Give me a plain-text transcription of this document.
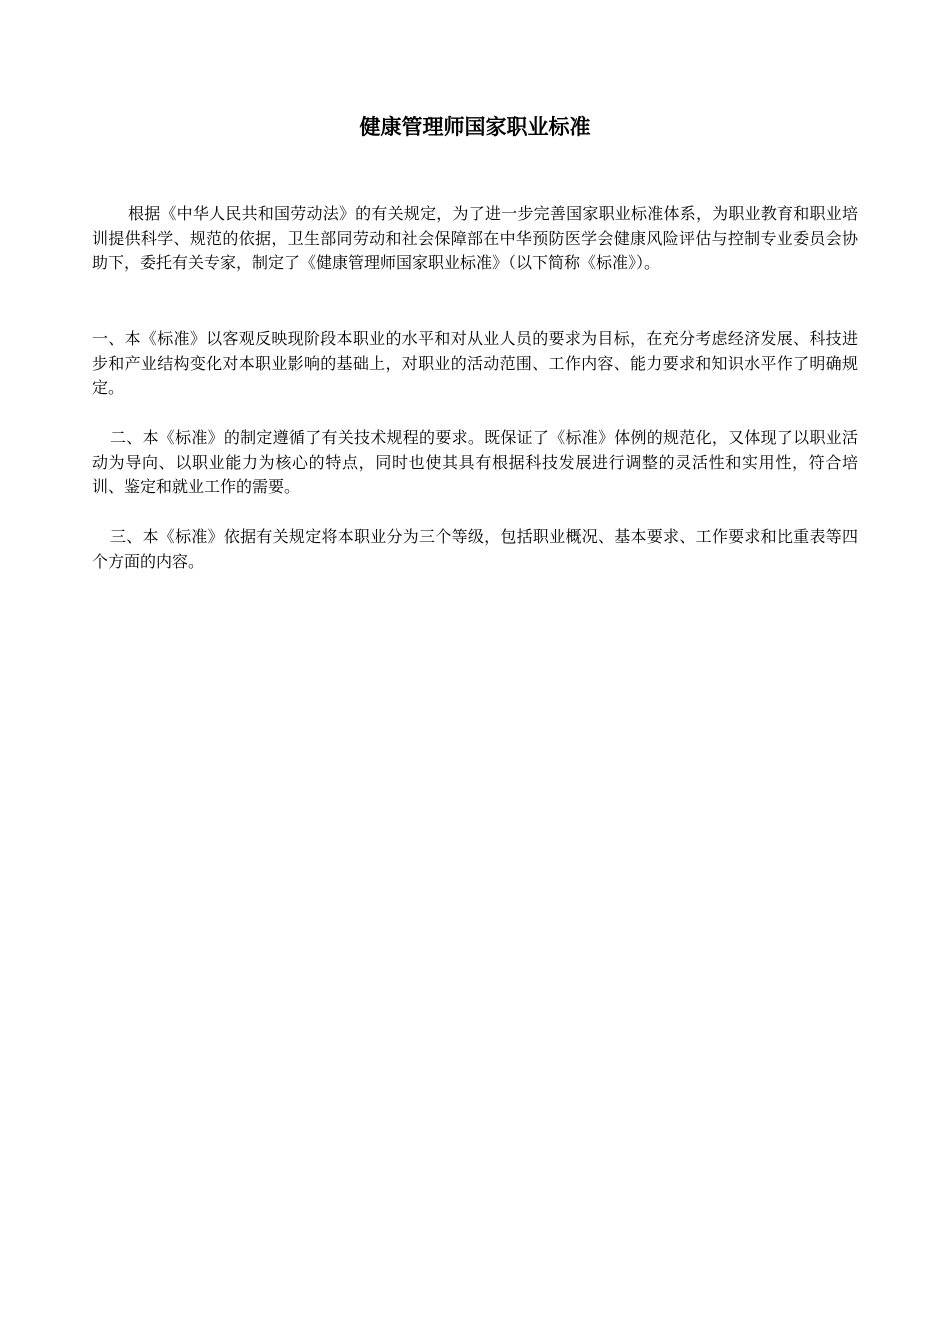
健康管理师国家职业标准

根据《中华人民共和国劳动法》的有关规定，为了进一步完善国家职业标准体系，为职业教育和职业培训提供科学、规范的依据，卫生部同劳动和社会保障部在中华预防医学会健康风险评估与控制专业委员会协助下，委托有关专家，制定了《健康管理师国家职业标准》（以下简称《标准》）。

一、本《标准》以客观反映现阶段本职业的水平和对从业人员的要求为目标，在充分考虑经济发展、科技进步和产业结构变化对本职业影响的基础上，对职业的活动范围、工作内容、能力要求和知识水平作了明确规定。

二、本《标准》的制定遵循了有关技术规程的要求。既保证了《标准》体例的规范化，又体现了以职业活动为导向、以职业能力为核心的特点，同时也使其具有根据科技发展进行调整的灵活性和实用性，符合培训、鉴定和就业工作的需要。

三、本《标准》依据有关规定将本职业分为三个等级，包括职业概况、基本要求、工作要求和比重表等四个方面的内容。
